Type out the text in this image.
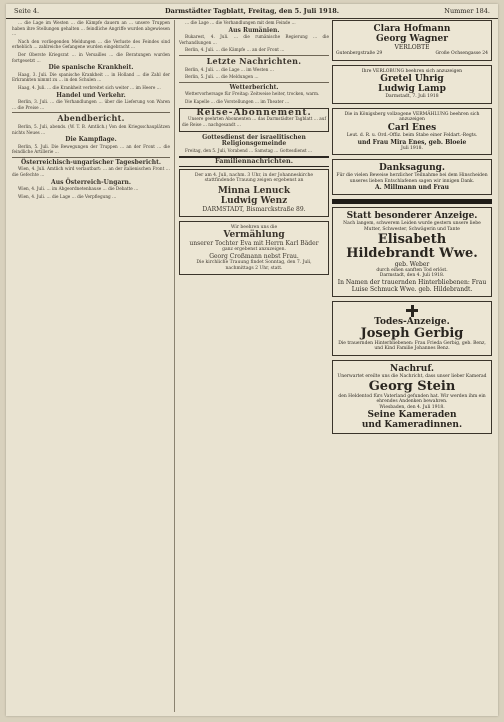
Seite 4.	Darmstädter Tagblatt, Freitag, den 5. Juli 1918.	Nummer 184.

… die Lage im Westen … die Kämpfe dauern an … unsere Truppen haben ihre Stellungen gehalten … feindliche Angriffe wurden abgewiesen …

Nach den vorliegenden Meldungen … die Verluste des Feindes sind erheblich … zahlreiche Gefangene wurden eingebracht …

Der Oberste Kriegsrat … in Versailles … die Beratungen wurden fortgesetzt …

Die spanische Krankheit.

Haag, 3. Juli. Die spanische Krankheit … in Holland … die Zahl der Erkrankten nimmt zu … in den Schulen …

Haag, 4. Juli. … die Krankheit verbreitet sich weiter … im Heere …

Handel und Verkehr.

Berlin, 3. Juli. … die Verhandlungen … über die Lieferung von Waren … die Preise …

Abendbericht.

Berlin, 5. Juli, abends. (W. T. B. Amtlich.) Von den Kriegsschauplätzen nichts Neues …

Die Kampflage.

Berlin, 5. Juli. Die Bewegungen der Truppen … an der Front … die feindliche Artillerie …

Österreichisch-ungarischer Tagesbericht.

Wien, 4. Juli. Amtlich wird verlautbart: … an der italienischen Front … die Gefechte …

Aus Österreich-Ungarn.

Wien, 4. Juli. … im Abgeordnetenhause … die Debatte …

Wien, 4. Juli. … die Lage … die Verpflegung …

… die Lage … die Verhandlungen mit dem Feinde …

Aus Rumänien.

Bukarest, 4. Juli. … die rumänische Regierung … die Verhandlungen …

Berlin, 4. Juli. … die Kämpfe … an der Front …

Letzte Nachrichten.

Berlin, 4. Juli. … die Lage … im Westen …

Berlin, 5. Juli. … die Meldungen …

Wetterbericht.

Wettervorhersage für Freitag: Zeitweise heiter, trocken, warm.

Die Kapelle … die Vorstellungen … im Theater …

Reise-Abonnement.

Unsere geehrten Abonnenten … das Darmstädter Tagblatt … auf die Reise … nachgesandt …

Gottesdienst der israelitischen Religionsgemeinde

Freitag, den 5. Juli, Vorabend … Samstag … Gottesdienst …

Familiennachrichten.
Der am 4. Juli, nachm. 3 Uhr, in der Johanneskirche stattfindende Trauung zeigen ergebenst an
Minna Lenuck
Ludwig Wenz
DARMSTADT, Bismarckstraße 89.
Wir beehren uns die
Vermählung
unserer Tochter Eva mit Herrn Karl Bäder
ganz ergebenst anzuzeigen.
Georg Croßmann nebst Frau.
Die kirchliche Trauung findet Sonntag, den 7. Juli, nachmittags 2 Uhr, statt.
Clara Hofmann
Georg Wagner
VERLOBTE
Gutenbergstraße 29	Große Ochsengasse 24
Ihre VERLOBUNG beehren sich anzuzeigen
Gretel Uhrig
Ludwig Lamp
Darmstadt, 7. Juli 1918
Die in Königsberg vollzogene VERMÄHLUNG beehren sich anzuzeigen
Carl Enes
Leut. d. R. u. Ord.-Offiz. beim Stabe einer Feldart.-Regts.
und Frau Mira Enes, geb. Bloeie
Juli 1918.
Danksagung.
Für die vielen Beweise herzlicher Teilnahme bei dem Hinscheiden unseres lieben Entschlafenen sagen wir innigen Dank.
A. Millmann und Frau
Statt besonderer Anzeige.
Nach langem, schwerem Leiden wurde gestern unsere liebe Mutter, Schwester, Schwägerin und Tante
Elisabeth Hildebrandt Wwe.
geb. Weber
durch einen sanften Tod erlöst.
Darmstadt, den 4. Juli 1918.
In Namen der trauernden Hinterbliebenen: Frau Luise Schmuck Wwe. geb. Hildebrandt.
Todes-Anzeige.
Joseph Gerbig
Die trauernden Hinterbliebenen: Frau Frieda Gerbig, geb. Benz, und Kind Familie Johannes Benz.
Nachruf.
Unerwartet ereilte uns die Nachricht, dass unser lieber Kamerad
Georg Stein
den Heldentod fürs Vaterland gefunden hat. Wir werden ihm ein ehrendes Andenken bewahren.
Wiesbaden, den 4. Juli 1918.
Seine Kameraden
und Kameradinnen.
